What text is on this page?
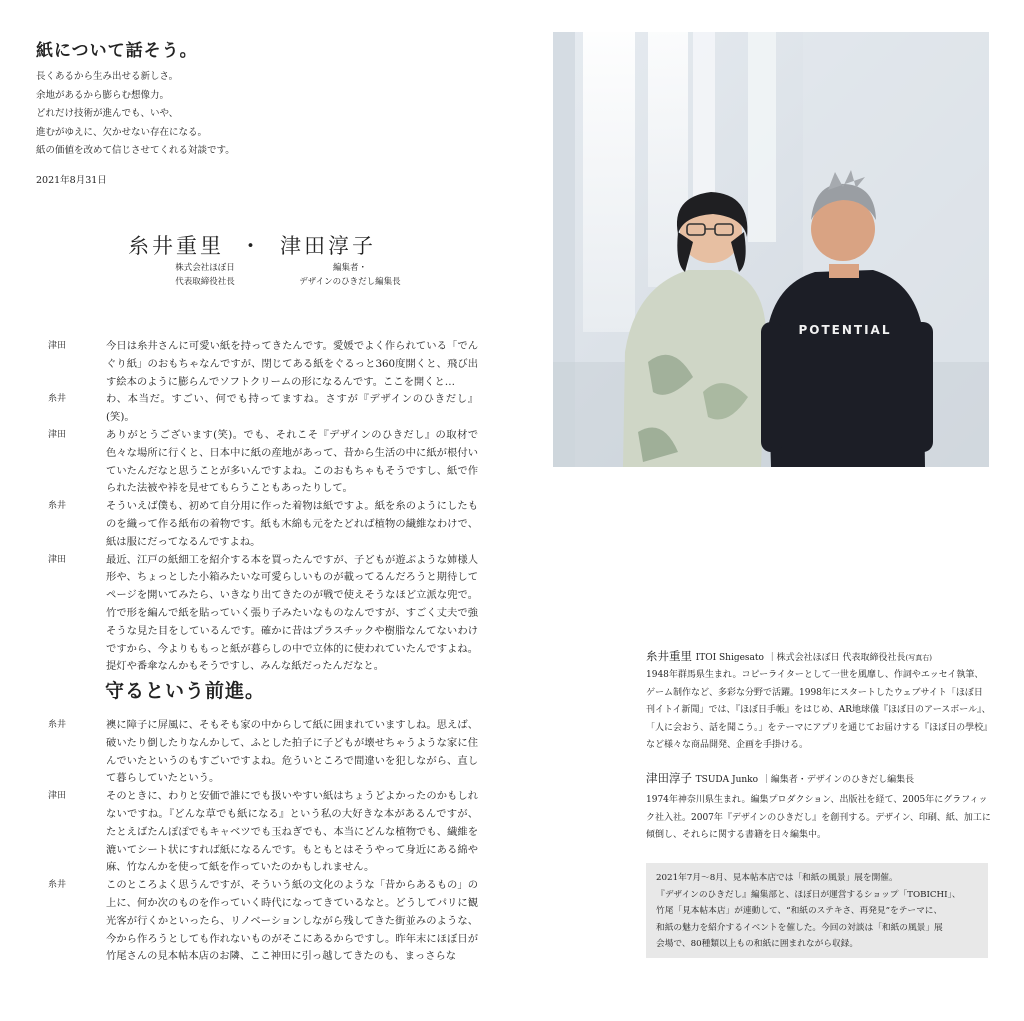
紙について話そう。
長くあるから生み出せる新しさ。
余地があるから膨らむ想像力。
どれだけ技術が進んでも、いや、
進むがゆえに、欠かせない存在になる。
紙の価値を改めて信じさせてくれる対談です。
2021年8月31日
糸井重里 ・ 津田淳子
株式会社ほぼ日
代表取締役社長
編集者・
デザインのひきだし編集長
津田	今日は糸井さんに可愛い紙を持ってきたんです。愛媛でよく作られている「でんぐり紙」のおもちゃなんですが、閉じてある紙をぐるっと360度開くと、飛び出す絵本のように膨らんでソフトクリームの形になるんです。ここを開くと…
糸井	わ、本当だ。すごい、何でも持ってますね。さすが『デザインのひきだし』(笑)。
津田	ありがとうございます(笑)。でも、それこそ『デザインのひきだし』の取材で色々な場所に行くと、日本中に紙の産地があって、昔から生活の中に紙が根付いていたんだなと思うことが多いんですよね。このおもちゃもそうですし、紙で作られた法被や裃を見せてもらうこともあったりして。
糸井	そういえば僕も、初めて自分用に作った着物は紙ですよ。紙を糸のようにしたものを織って作る紙布の着物です。紙も木綿も元をたどれば植物の繊維なわけで、紙は服にだってなるんですよね。
津田	最近、江戸の紙細工を紹介する本を買ったんですが、子どもが遊ぶような姉様人形や、ちょっとした小箱みたいな可愛らしいものが載ってるんだろうと期待してページを開いてみたら、いきなり出てきたのが戦で使えそうなほど立派な兜で。竹で形を編んで紙を貼っていく張り子みたいなものなんですが、すごく丈夫で強そうな見た目をしているんです。確かに昔はプラスチックや樹脂なんてないわけですから、今よりももっと紙が暮らしの中で立体的に使われていたんですよね。提灯や番傘なんかもそうですし、みんな紙だったんだなと。
守るという前進。
糸井	襖に障子に屏風に、そもそも家の中からして紙に囲まれていますしね。思えば、破いたり倒したりなんかして、ふとした拍子に子どもが壊せちゃうような家に住んでいたというのもすごいですよね。危ういところで間違いを犯しながら、直して暮らしていたという。
津田	そのときに、わりと安価で誰にでも扱いやすい紙はちょうどよかったのかもしれないですね。『どんな草でも紙になる』という私の大好きな本があるんですが、たとえばたんぽぽでもキャベツでも玉ねぎでも、本当にどんな植物でも、繊維を漉いてシート状にすれば紙になるんです。もともとはそうやって身近にある綿や麻、竹なんかを使って紙を作っていたのかもしれません。
糸井	このところよく思うんですが、そういう紙の文化のような「昔からあるもの」の上に、何か次のものを作っていく時代になってきているなと。どうしてパリに観光客が行くかといったら、リノベーションしながら残してきた街並みのような、今から作ろうとしても作れないものがそこにあるからですし。昨年末にほぼ日が竹尾さんの見本帖本店のお隣、ここ神田に引っ越してきたのも、まっさらな
POTENTIAL
糸井重里 ITOI Shigesato ｜株式会社ほぼ日 代表取締役社長(写真右)
1948年群馬県生まれ。コピーライターとして一世を風靡し、作詞やエッセイ執筆、ゲーム制作など、多彩な分野で活躍。1998年にスタートしたウェブサイト「ほぼ日刊イトイ新聞」では、『ほぼ日手帳』をはじめ、AR地球儀『ほぼ日のアースボール』、「人に会おう、話を聞こう。」をテーマにアプリを通じてお届けする『ほぼ日の學校』など様々な商品開発、企画を手掛ける。
津田淳子 TSUDA Junko ｜編集者・デザインのひきだし編集長
1974年神奈川県生まれ。編集プロダクション、出版社を経て、2005年にグラフィック社入社。2007年『デザインのひきだし』を創刊する。デザイン、印刷、紙、加工に傾倒し、それらに関する書籍を日々編集中。
2021年7月〜8月、見本帖本店では「和紙の風景」展を開催。
『デザインのひきだし』編集部と、ほぼ日が運営するショップ「TOBICHI」、
竹尾「見本帖本店」が連動して、“和紙のステキさ、再発見”をテーマに、
和紙の魅力を紹介するイベントを催した。今回の対談は「和紙の風景」展
会場で、80種類以上もの和紙に囲まれながら収録。
